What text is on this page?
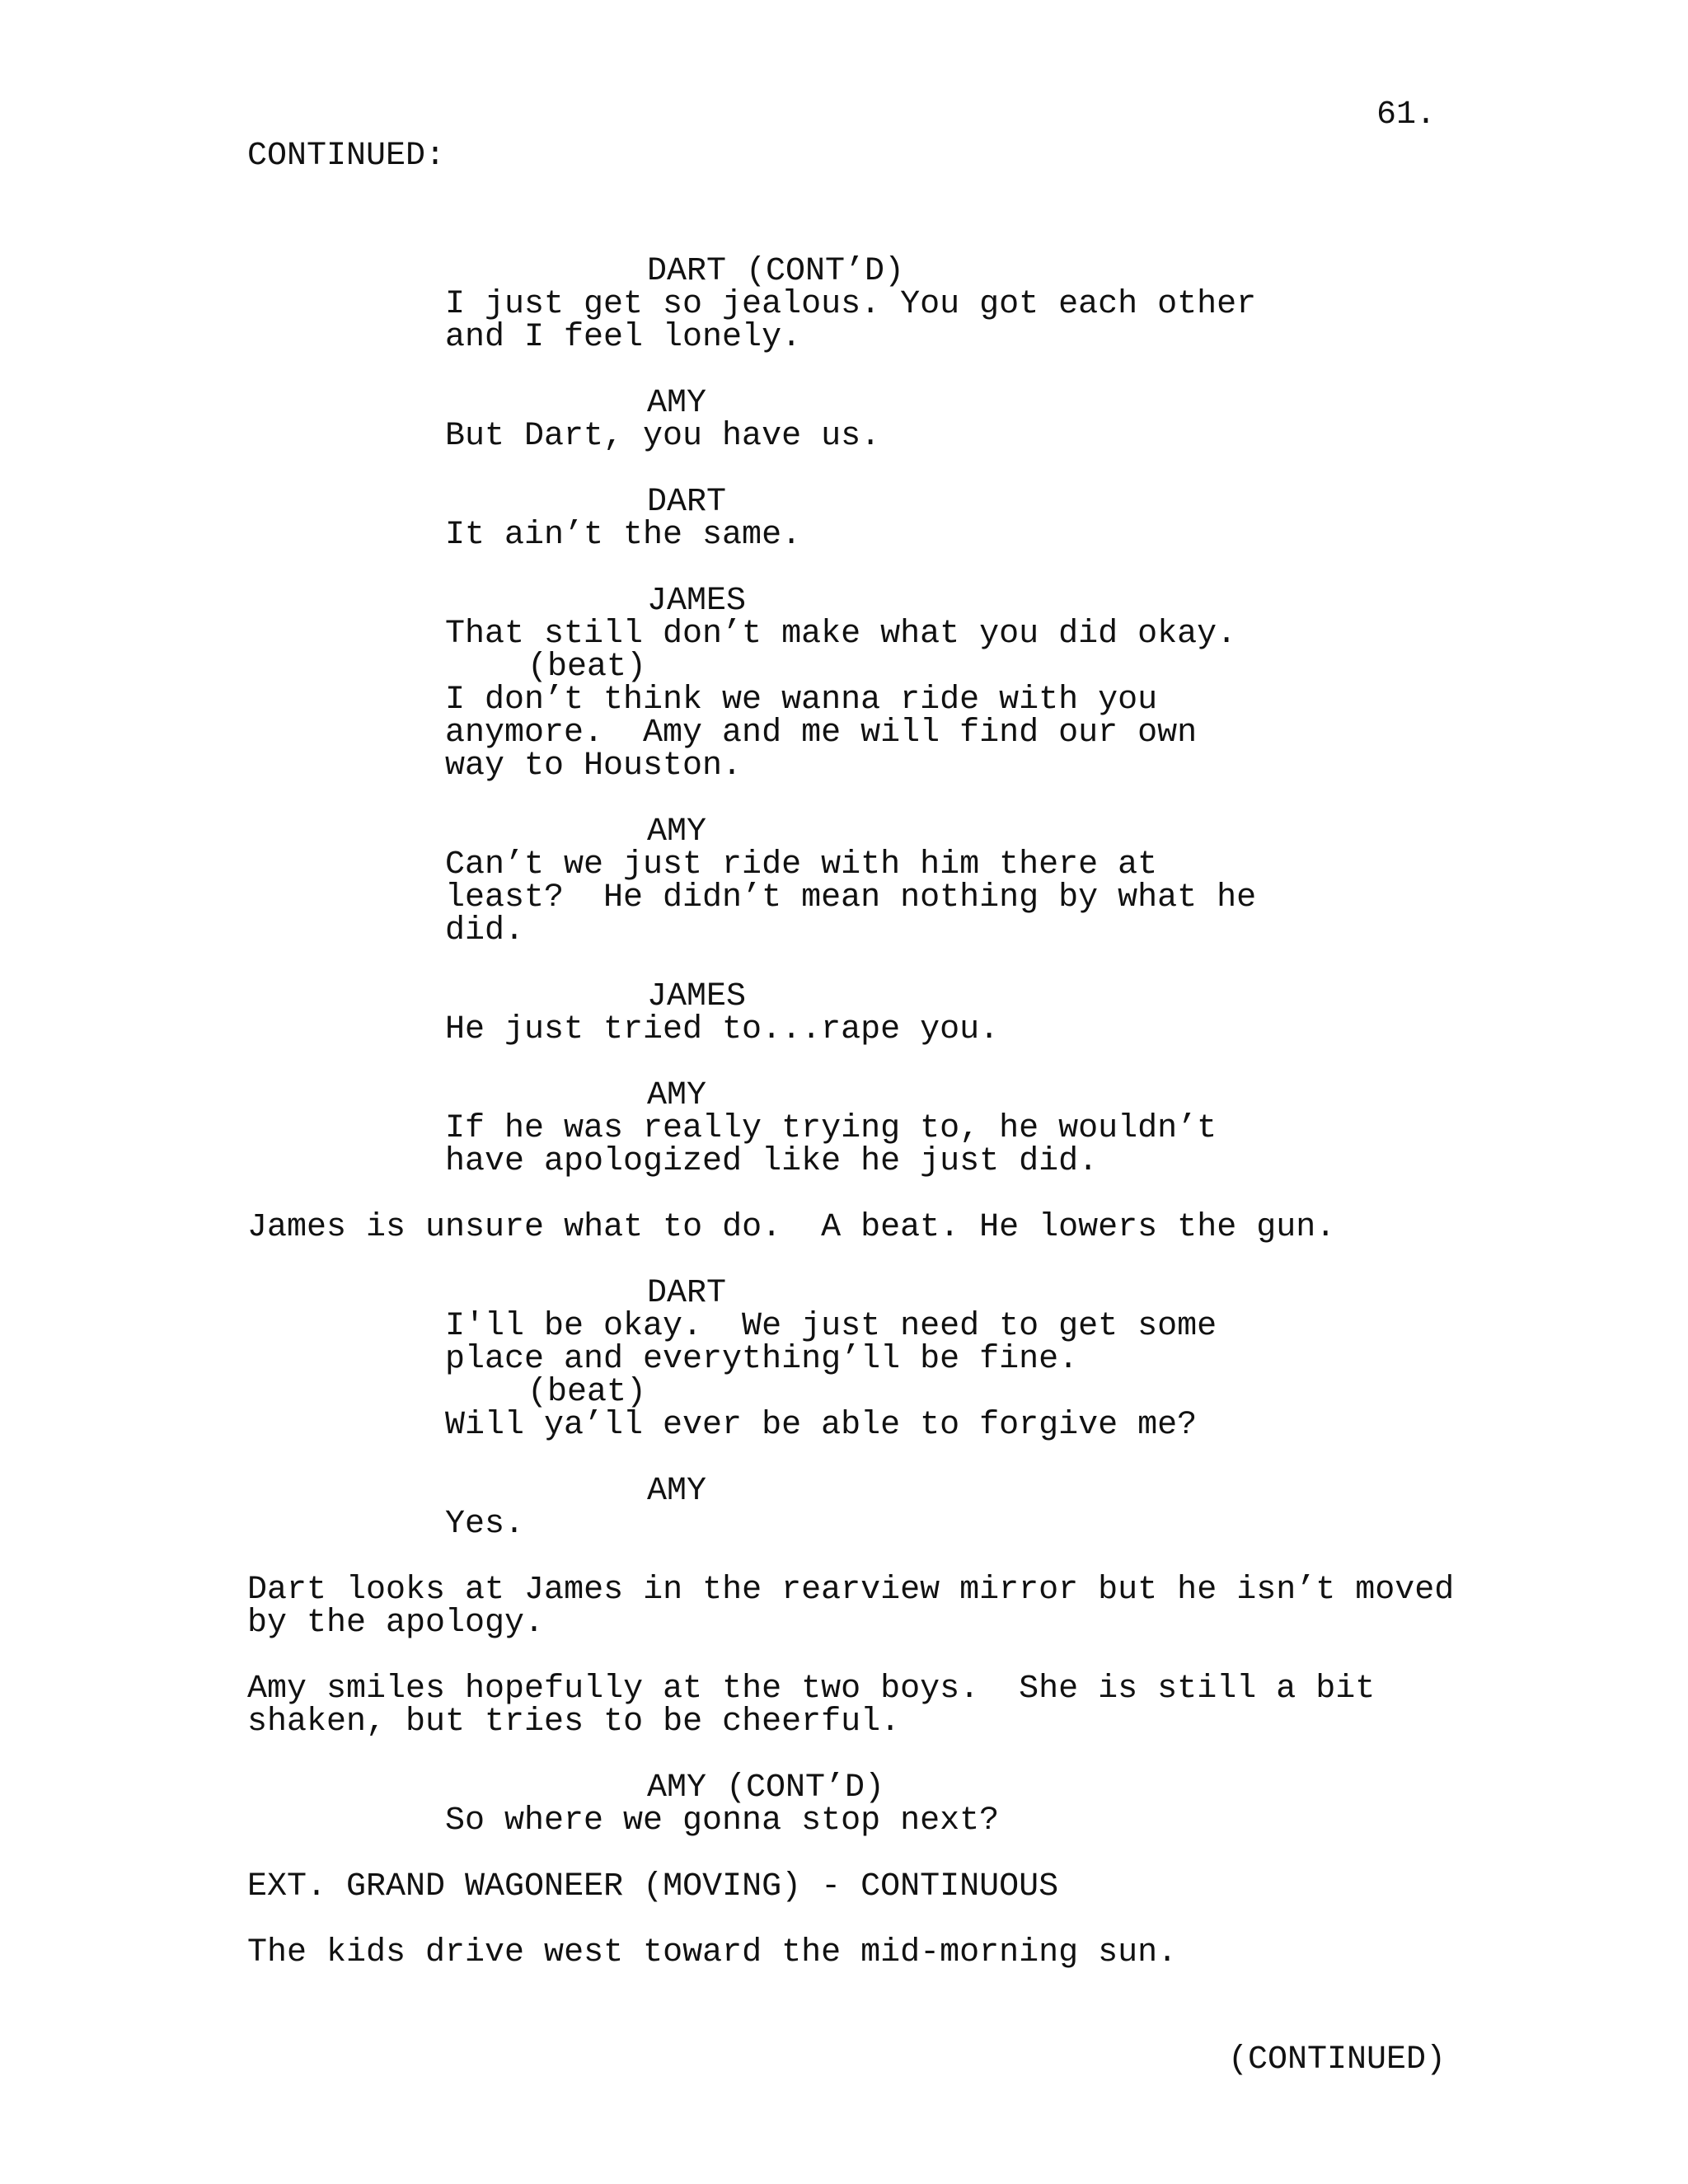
61.
CONTINUED:
DART (CONT’D)
I just get so jealous. You got each other
and I feel lonely.
AMY
But Dart, you have us.
DART
It ain’t the same.
JAMES
That still don’t make what you did okay.
(beat)
I don’t think we wanna ride with you
anymore.  Amy and me will find our own
way to Houston.
AMY
Can’t we just ride with him there at
least?  He didn’t mean nothing by what he
did.
JAMES
He just tried to...rape you.
AMY
If he was really trying to, he wouldn’t
have apologized like he just did.
James is unsure what to do.  A beat. He lowers the gun.
DART
I'll be okay.  We just need to get some
place and everything’ll be fine.
(beat)
Will ya’ll ever be able to forgive me?
AMY
Yes.
Dart looks at James in the rearview mirror but he isn’t moved
by the apology.
Amy smiles hopefully at the two boys.  She is still a bit
shaken, but tries to be cheerful.
AMY (CONT’D)
So where we gonna stop next?
EXT. GRAND WAGONEER (MOVING) - CONTINUOUS
The kids drive west toward the mid-morning sun.
(CONTINUED)
